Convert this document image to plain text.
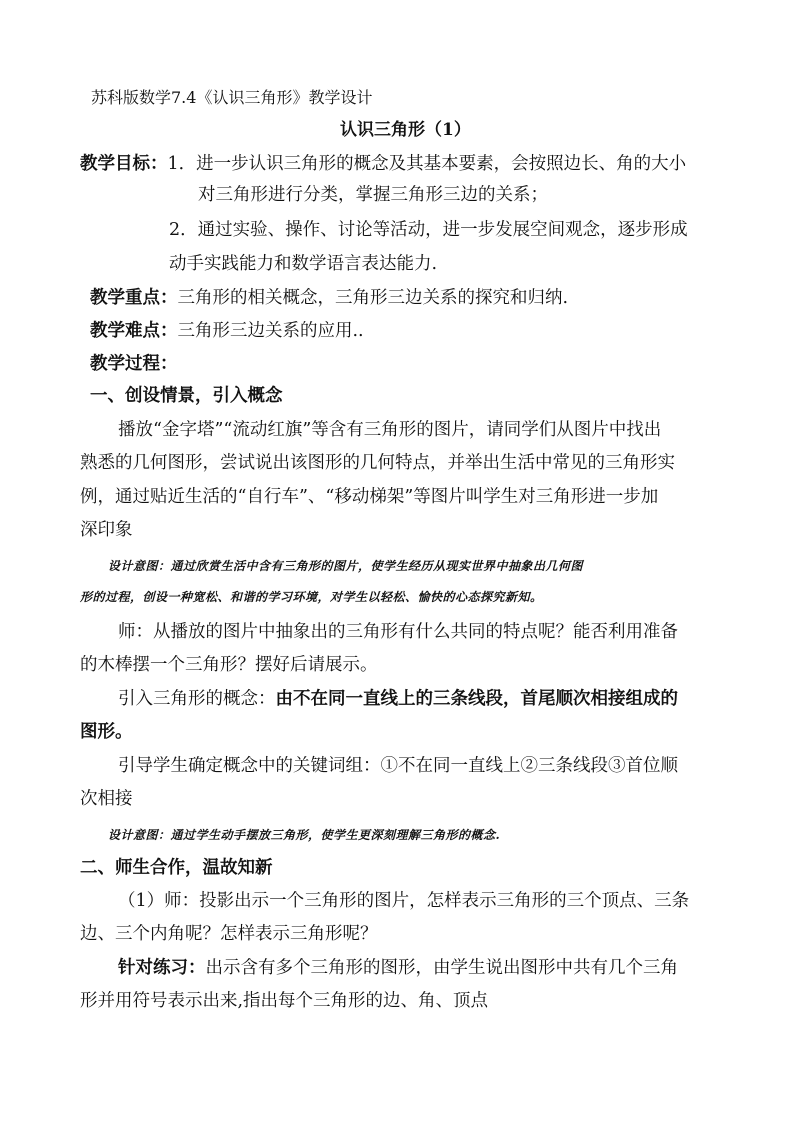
苏科版数学7.4《认识三角形》教学设计
认识三角形（1）
教学目标：1．进一步认识三角形的概念及其基本要素，会按照边长、角的大小
对三角形进行分类，掌握三角形三边的关系；
2．通过实验、操作、讨论等活动，进一步发展空间观念，逐步形成
动手实践能力和数学语言表达能力.
教学重点：三角形的相关概念，三角形三边关系的探究和归纳.
教学难点：三角形三边关系的应用..
教学过程：
一、创设情景，引入概念
播放“金字塔”“流动红旗”等含有三角形的图片，请同学们从图片中找出
熟悉的几何图形，尝试说出该图形的几何特点，并举出生活中常见的三角形实
例，通过贴近生活的“自行车”、“移动梯架”等图片叫学生对三角形进一步加
深印象
设计意图：通过欣赏生活中含有三角形的图片，使学生经历从现实世界中抽象出几何图
形的过程，创设一种宽松、和谐的学习环境，对学生以轻松、愉快的心态探究新知。
师：从播放的图片中抽象出的三角形有什么共同的特点呢？能否利用准备
的木棒摆一个三角形？摆好后请展示。
引入三角形的概念：由不在同一直线上的三条线段，首尾顺次相接组成的
图形。
引导学生确定概念中的关键词组：①不在同一直线上②三条线段③首位顺
次相接
设计意图：通过学生动手摆放三角形，使学生更深刻理解三角形的概念.
二、师生合作，温故知新
（1）师：投影出示一个三角形的图片，怎样表示三角形的三个顶点、三条
边、三个内角呢？怎样表示三角形呢？
针对练习：出示含有多个三角形的图形，由学生说出图形中共有几个三角
形并用符号表示出来,指出每个三角形的边、角、顶点
